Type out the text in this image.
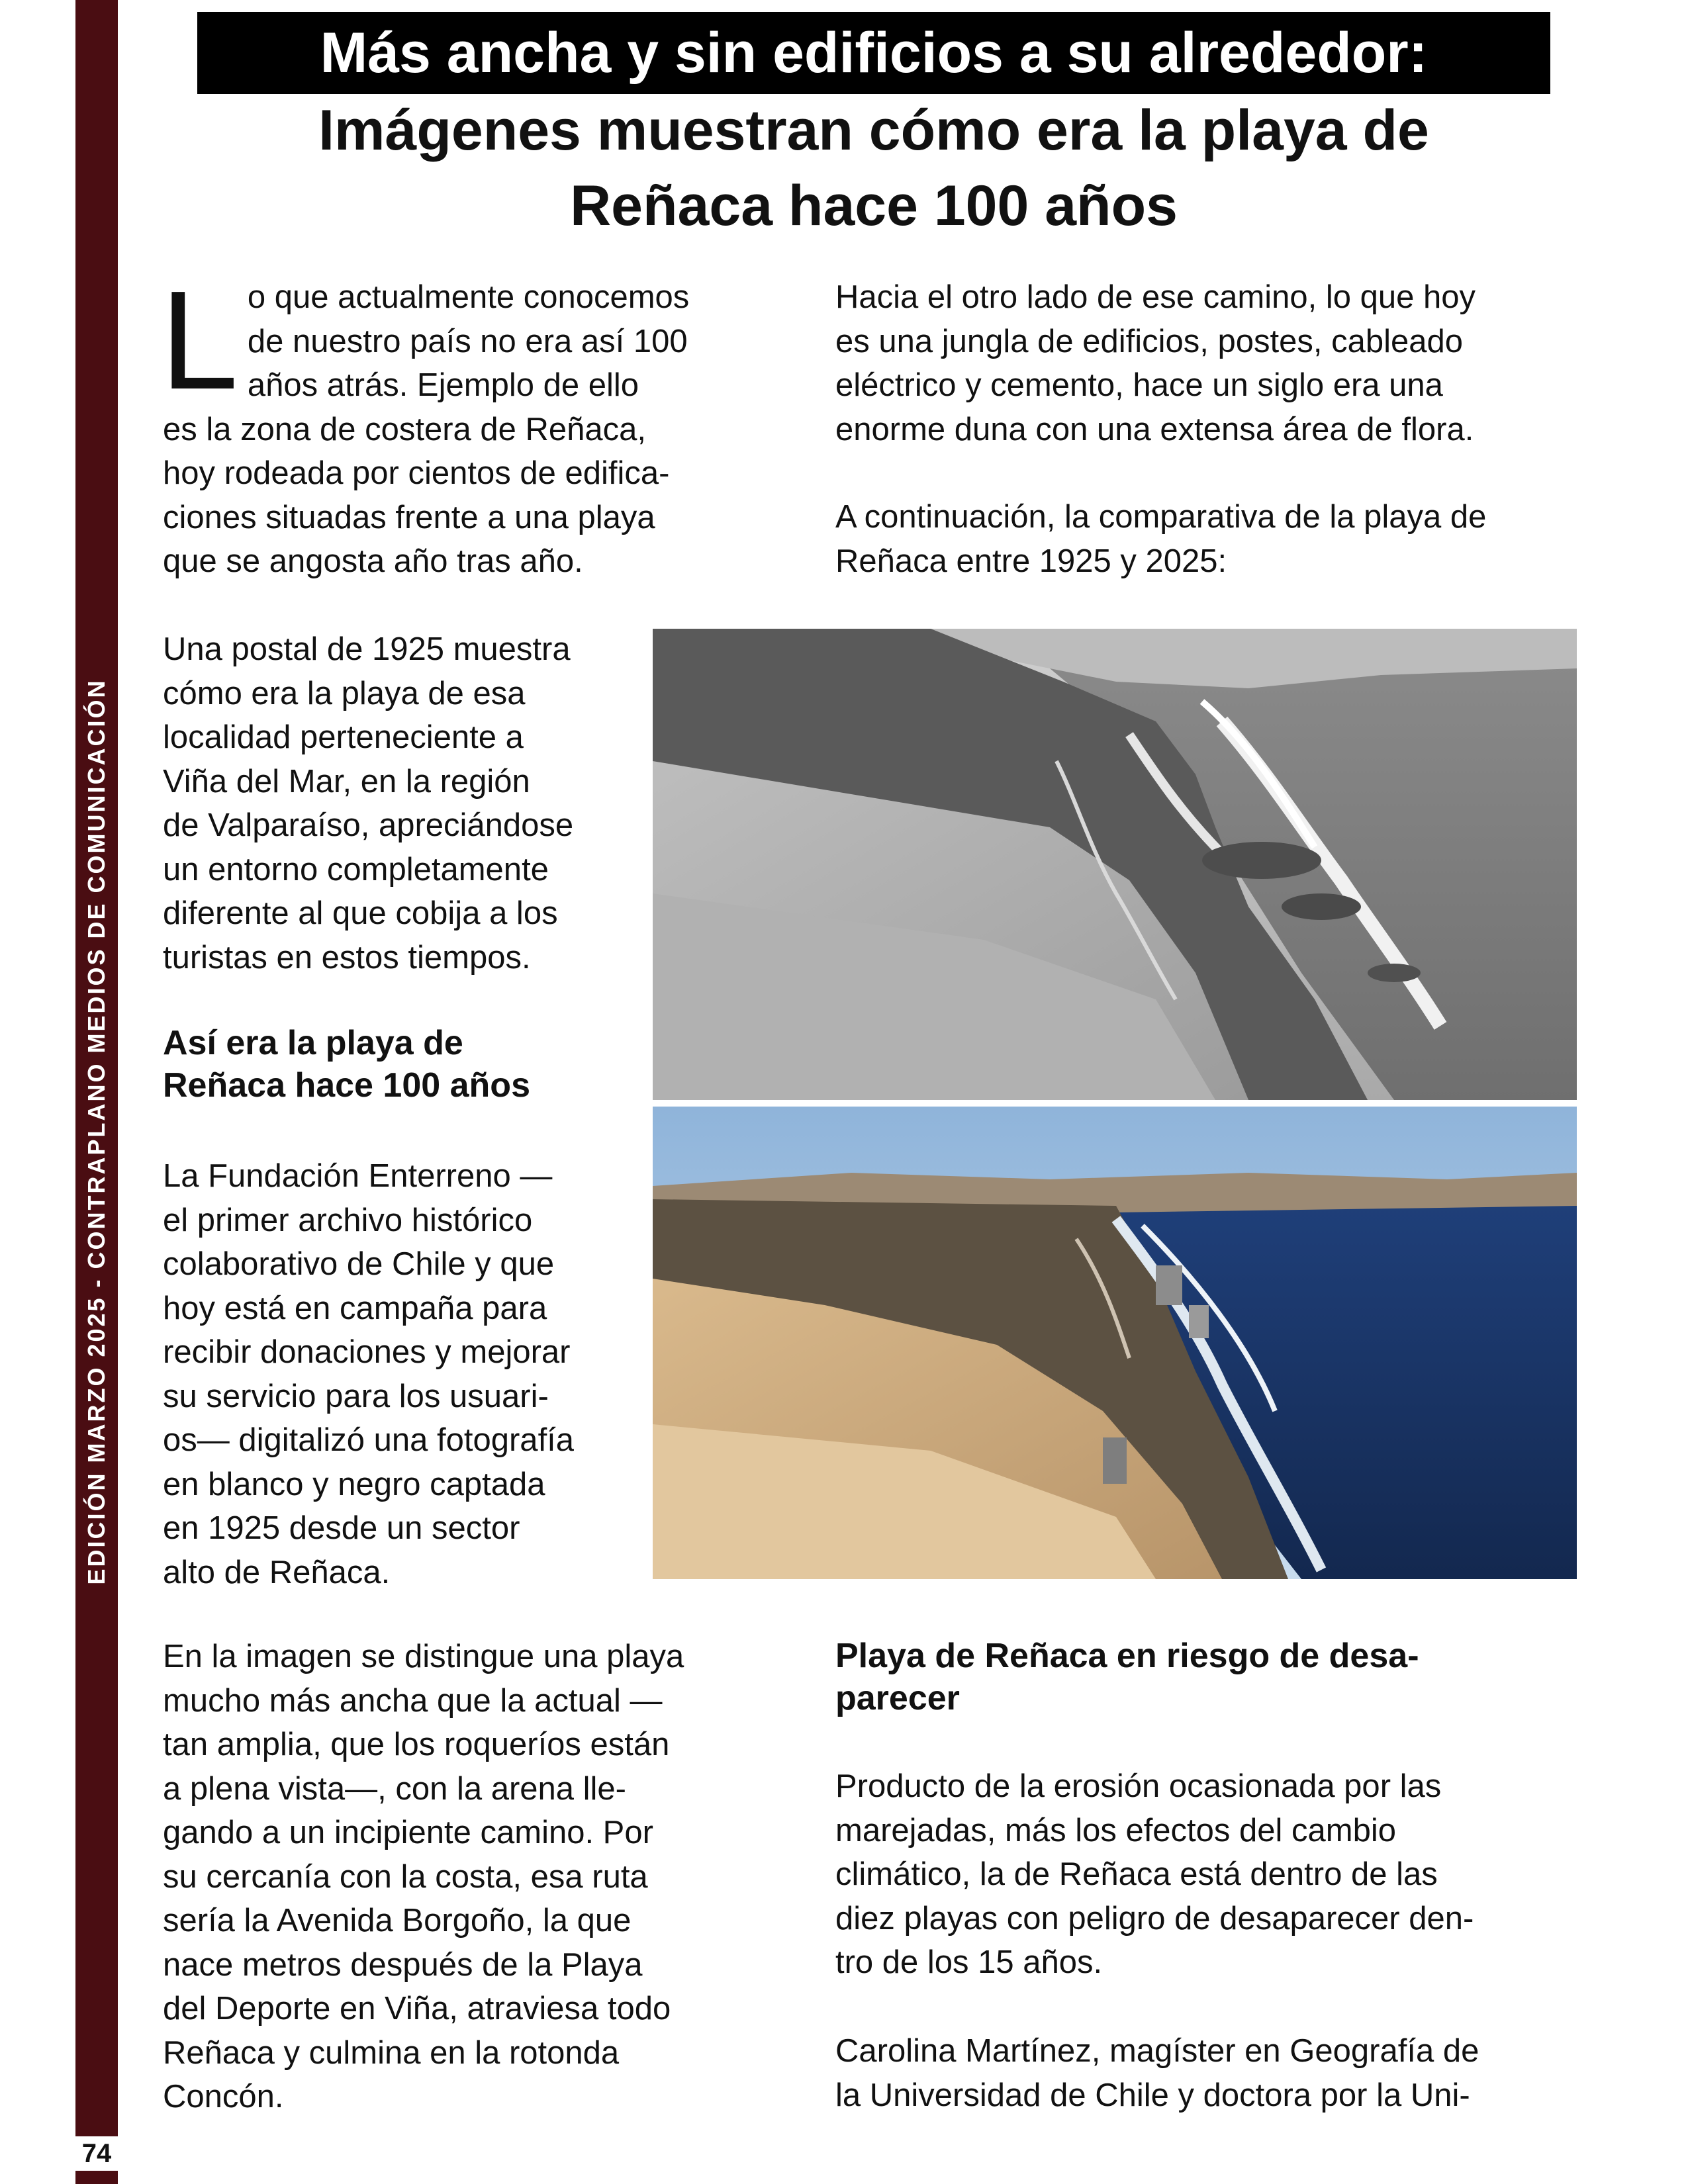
EDICIÓN MARZO 2025 - CONTRAPLANO MEDIOS DE COMUNICACIÓN
74
Más ancha y sin edificios a su alrededor:
Imágenes muestran cómo era la playa de
Reñaca hace 100 años
L o que actualmente conocemos
de nuestro país no era así 100
años atrás. Ejemplo de ello
es la zona de costera de Reñaca,
hoy rodeada por cientos de edifica-
ciones situadas frente a una playa
que se angosta año tras año.
Una postal de 1925 muestra
cómo era la playa de esa
localidad perteneciente a
Viña del Mar, en la región
de Valparaíso, apreciándose
un entorno completamente
diferente al que cobija a los
turistas en estos tiempos.
Así era la playa de
Reñaca hace 100 años
La Fundación Enterreno —
el primer archivo histórico
colaborativo de Chile y que
hoy está en campaña para
recibir donaciones y mejorar
su servicio para los usuari-
os— digitalizó una fotografía
en blanco y negro captada
en 1925 desde un sector
alto de Reñaca.
En la imagen se distingue una playa
mucho más ancha que la actual —
tan amplia, que los roqueríos están
a plena vista—, con la arena lle-
gando a un incipiente camino. Por
su cercanía con la costa, esa ruta
sería la Avenida Borgoño, la que
nace metros después de la Playa
del Deporte en Viña, atraviesa todo
Reñaca y culmina en la rotonda
Concón.
Hacia el otro lado de ese camino, lo que hoy
es una jungla de edificios, postes, cableado
eléctrico y cemento, hace un siglo era una
enorme duna con una extensa área de flora.
A continuación, la comparativa de la playa de
Reñaca entre 1925 y 2025:
Playa de Reñaca en riesgo de desa-
parecer
Producto de la erosión ocasionada por las
marejadas, más los efectos del cambio
climático, la de Reñaca está dentro de las
diez playas con peligro de desaparecer den-
tro de los 15 años.
Carolina Martínez, magíster en Geografía de
la Universidad de Chile y doctora por la Uni-
